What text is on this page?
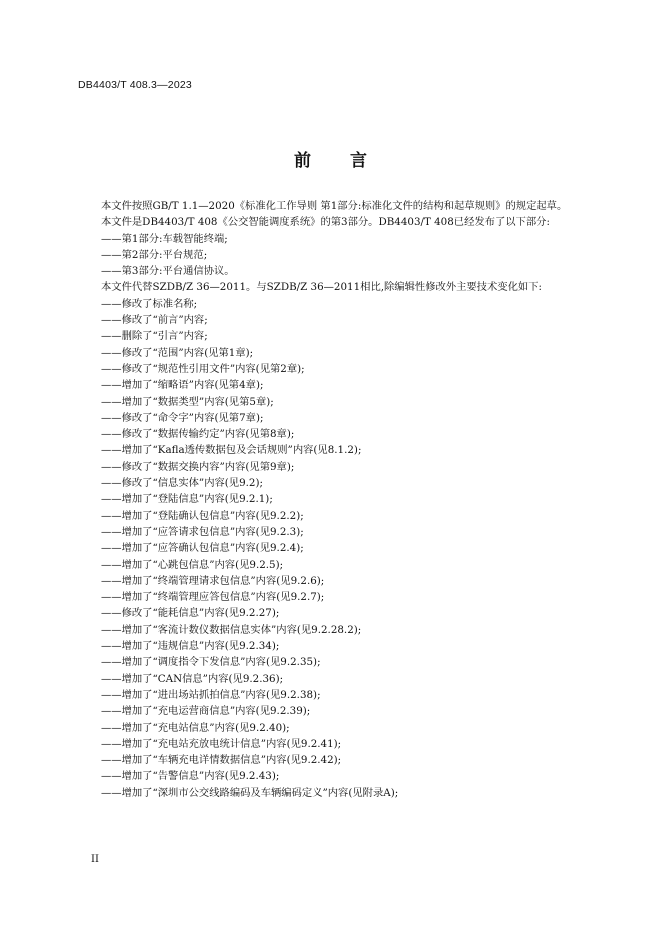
DB4403/T 408.3—2023
前 言

本文件按照GB/T 1.1—2020《标准化工作导则 第1部分:标准化文件的结构和起草规则》的规定起草。

本文件是DB4403/T 408《公交智能调度系统》的第3部分。DB4403/T 408已经发布了以下部分:

——第1部分:车载智能终端;

——第2部分:平台规范;

——第3部分:平台通信协议。

本文件代替SZDB/Z 36—2011。与SZDB/Z 36—2011相比,除编辑性修改外主要技术变化如下:

——修改了标准名称;

——修改了“前言”内容;

——删除了“引言”内容;

——修改了“范围”内容(见第1章);

——修改了“规范性引用文件”内容(见第2章);

——增加了“缩略语”内容(见第4章);

——增加了“数据类型”内容(见第5章);

——修改了“命令字”内容(见第7章);

——修改了“数据传输约定”内容(见第8章);

——增加了“Kafla透传数据包及会话规则”内容(见8.1.2);

——修改了“数据交换内容”内容(见第9章);

——修改了“信息实体”内容(见9.2);

——增加了“登陆信息”内容(见9.2.1);

——增加了“登陆确认包信息”内容(见9.2.2);

——增加了“应答请求包信息”内容(见9.2.3);

——增加了“应答确认包信息”内容(见9.2.4);

——增加了“心跳包信息”内容(见9.2.5);

——增加了“终端管理请求包信息”内容(见9.2.6);

——增加了“终端管理应答包信息”内容(见9.2.7);

——修改了“能耗信息”内容(见9.2.27);

——增加了“客流计数仪数据信息实体”内容(见9.2.28.2);

——增加了“违规信息”内容(见9.2.34);

——增加了“调度指令下发信息”内容(见9.2.35);

——增加了“CAN信息”内容(见9.2.36);

——增加了“进出场站抓拍信息”内容(见9.2.38);

——增加了“充电运营商信息”内容(见9.2.39);

——增加了“充电站信息”内容(见9.2.40);

——增加了“充电站充放电统计信息”内容(见9.2.41);

——增加了“车辆充电详情数据信息”内容(见9.2.42);

——增加了“告警信息”内容(见9.2.43);

——增加了“深圳市公交线路编码及车辆编码定义”内容(见附录A);

II
